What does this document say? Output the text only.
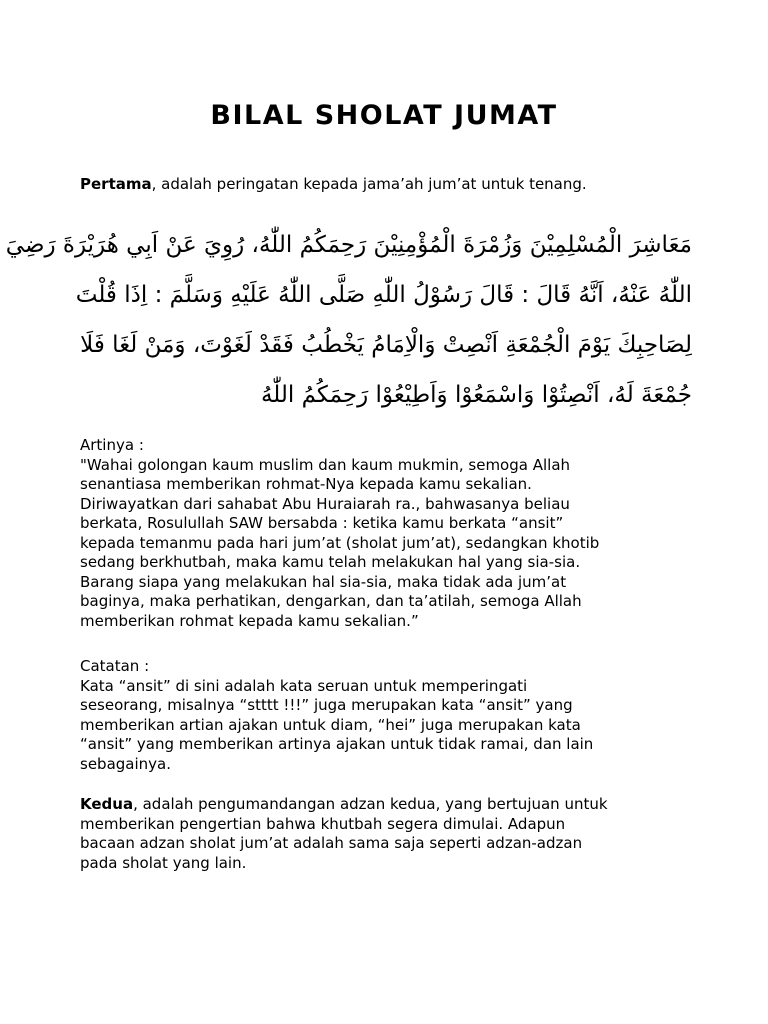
BILAL SHOLAT JUMAT

Pertama, adalah peringatan kepada jama’ah jum’at untuk tenang.

مَعَاشِرَ الْمُسْلِمِيْنَ وَزُمْرَةَ الْمُؤْمِنِيْنَ رَحِمَكُمُ اللّٰهُ، رُوِيَ عَنْ اَبِي هُرَيْرَةَ رَضِيَ
اللّٰهُ عَنْهُ، اَنَّهُ قَالَ : قَالَ رَسُوْلُ اللّٰهِ صَلَّى اللّٰهُ عَلَيْهِ وَسَلَّمَ : اِذَا قُلْتَ
لِصَاحِبِكَ يَوْمَ الْجُمْعَةِ اَنْصِتْ وَالْاِمَامُ يَخْطُبُ فَقَدْ لَغَوْتَ، وَمَنْ لَغَا فَلَا
جُمْعَةَ لَهُ، اَنْصِتُوْا وَاسْمَعُوْا وَاَطِيْعُوْا رَحِمَكُمُ اللّٰهُ
Artinya :
"Wahai golongan kaum muslim dan kaum mukmin, semoga Allah
senantiasa memberikan rohmat-Nya kepada kamu sekalian.
Diriwayatkan dari sahabat Abu Huraiarah ra., bahwasanya beliau
berkata, Rosulullah SAW bersabda : ketika kamu berkata “ansit”
kepada temanmu pada hari jum’at (sholat jum’at), sedangkan khotib
sedang berkhutbah, maka kamu telah melakukan hal yang sia-sia.
Barang siapa yang melakukan hal sia-sia, maka tidak ada jum’at
baginya, maka perhatikan, dengarkan, dan ta’atilah, semoga Allah
memberikan rohmat kepada kamu sekalian.”
Catatan :
Kata “ansit” di sini adalah kata seruan untuk memperingati
seseorang, misalnya “stttt !!!” juga merupakan kata “ansit” yang
memberikan artian ajakan untuk diam, “hei” juga merupakan kata
“ansit” yang memberikan artinya ajakan untuk tidak ramai, dan lain
sebagainya.
Kedua, adalah pengumandangan adzan kedua, yang bertujuan untuk
memberikan pengertian bahwa khutbah segera dimulai. Adapun
bacaan adzan sholat jum’at adalah sama saja seperti adzan-adzan
pada sholat yang lain.
